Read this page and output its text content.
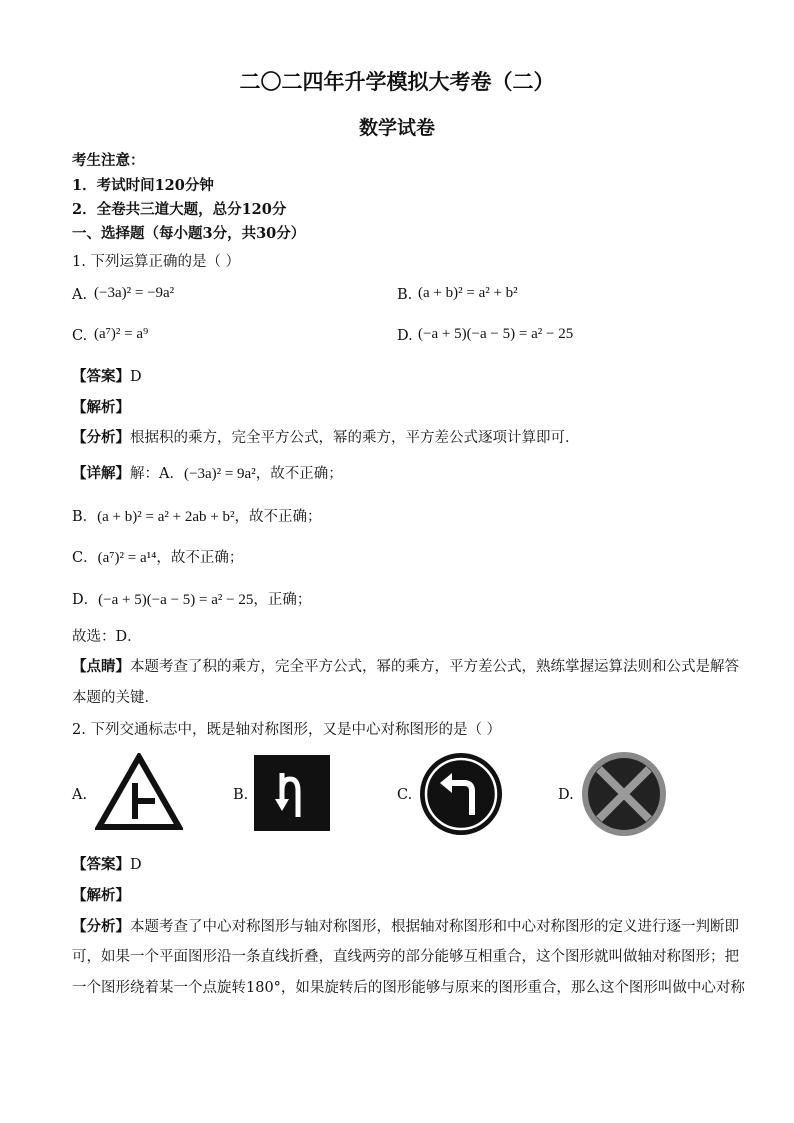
二〇二四年升学模拟大考卷（二）
数学试卷
考生注意：
1．考试时间120分钟
2．全卷共三道大题，总分120分
一、选择题（每小题3分，共30分）
1. 下列运算正确的是（ ）
A. (−3a)² = −9a²	B. (a + b)² = a² + b²
C. (a⁷)² = a⁹	D. (−a + 5)(−a − 5) = a² − 25
【答案】D
【解析】
【分析】根据积的乘方，完全平方公式，幂的乘方，平方差公式逐项计算即可．
【详解】解：A．(−3a)² = 9a²，故不正确；
B．(a + b)² = a² + 2ab + b²，故不正确；
C．(a⁷)² = a¹⁴，故不正确；
D．(−a + 5)(−a − 5) = a² − 25，正确；
故选：D．
【点睛】本题考查了积的乘方，完全平方公式，幂的乘方，平方差公式，熟练掌握运算法则和公式是解答
本题的关键．
2. 下列交通标志中，既是轴对称图形，又是中心对称图形的是（ ）
A.	B.	C.	D.
【答案】D
【解析】
【分析】本题考查了中心对称图形与轴对称图形，根据轴对称图形和中心对称图形的定义进行逐一判断即
可，如果一个平面图形沿一条直线折叠，直线两旁的部分能够互相重合，这个图形就叫做轴对称图形；把
一个图形绕着某一个点旋转180°，如果旋转后的图形能够与原来的图形重合，那么这个图形叫做中心对称
